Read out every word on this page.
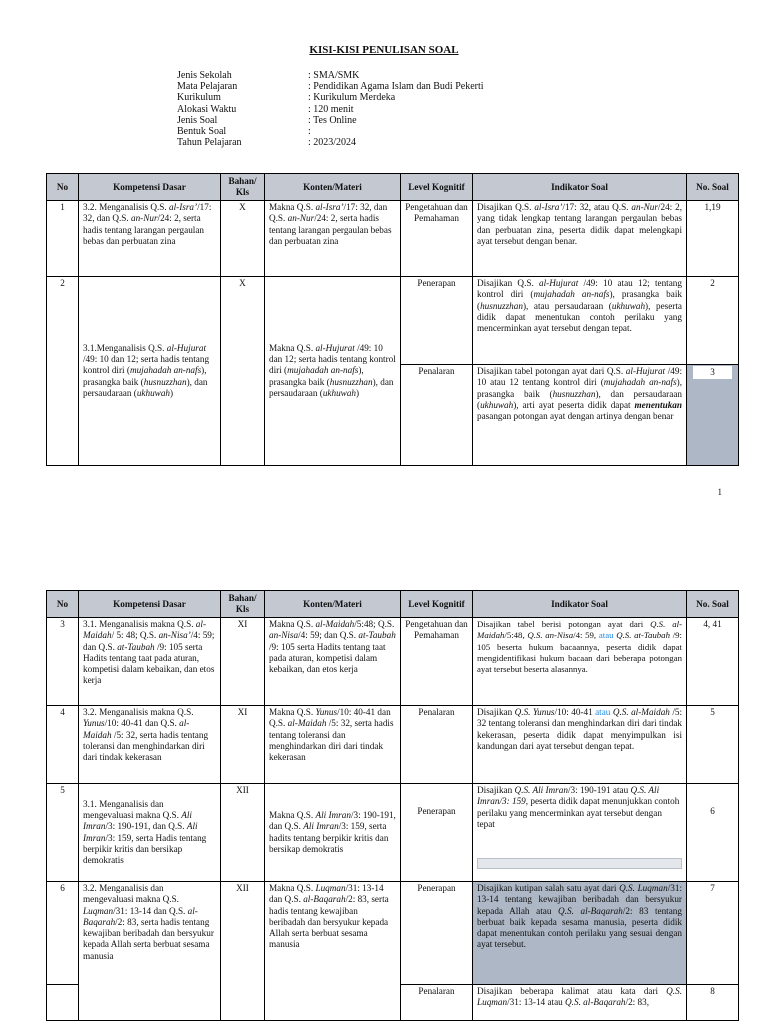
KISI-KISI PENULISAN SOAL
Jenis Sekolah	: SMA/SMK
Mata Pelajaran	: Pendidikan Agama Islam dan Budi Pekerti
Kurikulum	: Kurikulum Merdeka
Alokasi Waktu	: 120 menit
Jenis Soal	: Tes Online
Bentuk Soal	:
Tahun Pelajaran	: 2023/2024
No	Kompetensi Dasar	Bahan/ Kls	Konten/Materi	Level Kognitif	Indikator Soal	No. Soal
1	3.2. Menganalisis Q.S. al-Isra’/17: 32, dan Q.S. an-Nur/24: 2, serta hadis tentang larangan pergaulan bebas dan perbuatan zina	X	Makna Q.S. al-Isra’/17: 32, dan Q.S. an-Nur/24: 2, serta hadis tentang larangan pergaulan bebas dan perbuatan zina	Pengetahuan dan Pemahaman	Disajikan Q.S. al-Isra’/17: 32, atau Q.S. an-Nur/24: 2, yang tidak lengkap tentang larangan pergaulan bebas dan perbuatan zina, peserta didik dapat melengkapi ayat tersebut dengan benar.	1,19
2	3.1.Menganalisis Q.S. al-Hujurat /49: 10 dan 12; serta hadis tentang kontrol diri (mujahadah an-nafs), prasangka baik (husnuzzhan), dan persaudaraan (ukhuwah)	X	Makna Q.S. al-Hujurat /49: 10 dan 12; serta hadis tentang kontrol diri (mujahadah an-nafs), prasangka baik (husnuzzhan), dan persaudaraan (ukhuwah)	Penerapan	Disajikan Q.S. al-Hujurat /49: 10 atau 12; tentang kontrol diri (mujahadah an-nafs), prasangka baik (husnuzzhan), atau persaudaraan (ukhuwah), peserta didik dapat menentukan contoh perilaku yang mencerminkan ayat tersebut dengan tepat.	2
				Penalaran	Disajikan tabel potongan ayat dari Q.S. al-Hujurat /49: 10 atau 12 tentang kontrol diri (mujahadah an-nafs), prasangka baik (husnuzzhan), dan persaudaraan (ukhuwah), arti ayat peserta didik dapat menentukan pasangan potongan ayat dengan artinya dengan benar	3
1
No	Kompetensi Dasar	Bahan/ Kls	Konten/Materi	Level Kognitif	Indikator Soal	No. Soal
3	3.1. Menganalisis makna Q.S. al-Maidah/ 5: 48; Q.S. an-Nisa’/4: 59; dan Q.S. at-Taubah /9: 105 serta Hadits tentang taat pada aturan, kompetisi dalam kebaikan, dan etos kerja	XI	Makna Q.S. al-Maidah/5:48; Q.S. an-Nisa/4: 59; dan Q.S. at-Taubah /9: 105 serta Hadits tentang taat pada aturan, kompetisi dalam kebaikan, dan etos kerja	Pengetahuan dan Pemahaman	Disajikan tabel berisi potongan ayat dari Q.S. al-Maidah/5:48, Q.S. an-Nisa/4: 59, atau Q.S. at-Taubah /9: 105 beserta hukum bacaannya, peserta didik dapat mengidentifikasi hukum bacaan dari beberapa potongan ayat tersebut beserta alasannya.	4, 41
4	3.2. Menganalisis makna Q.S. Yunus/10: 40-41 dan Q.S. al-Maidah /5: 32, serta hadis tentang toleransi dan menghindarkan diri dari tindak kekerasan	XI	Makna Q.S. Yunus/10: 40-41 dan Q.S. al-Maidah /5: 32, serta hadis tentang toleransi dan menghindarkan diri dari tindak kekerasan	Penalaran	Disajikan Q.S. Yunus/10: 40-41 atau Q.S. al-Maidah /5: 32 tentang toleransi dan menghindarkan diri dari tindak kekerasan, peserta didik dapat menyimpulkan isi kandungan dari ayat tersebut dengan tepat.	5
5	3.1. Menganalisis dan mengevaluasi makna Q.S. Ali Imran/3: 190-191, dan Q.S. Ali Imran/3: 159, serta Hadis tentang berpikir kritis dan bersikap demokratis	XII	Makna Q.S. Ali Imran/3: 190-191, dan Q.S. Ali Imran/3: 159, serta hadits tentang berpikir kritis dan bersikap demokratis	Penerapan	Disajikan Q.S. Ali Imran/3: 190-191 atau Q.S. Ali Imran/3: 159, peserta didik dapat menunjukkan contoh perilaku yang mencerminkan ayat tersebut dengan tepat	6
6	3.2. Menganalisis dan mengevaluasi makna Q.S. Luqman/31: 13-14 dan Q.S. al-Baqarah/2: 83, serta hadis tentang kewajiban beribadah dan bersyukur kepada Allah serta berbuat sesama manusia	XII	Makna Q.S. Luqman/31: 13-14 dan Q.S. al-Baqarah/2: 83, serta hadis tentang kewajiban beribadah dan bersyukur kepada Allah serta berbuat sesama manusia	Penerapan	Disajikan kutipan salah satu ayat dari Q.S. Luqman/31: 13-14 tentang kewajiban beribadah dan bersyukur kepada Allah atau Q.S. al-Baqarah/2: 83 tentang berbuat baik kepada sesama manusia, peserta didik dapat menentukan contoh perilaku yang sesuai dengan ayat tersebut.	7
				Penalaran	Disajikan beberapa kalimat atau kata dari Q.S. Luqman/31: 13-14 atau Q.S. al-Baqarah/2: 83,	8
